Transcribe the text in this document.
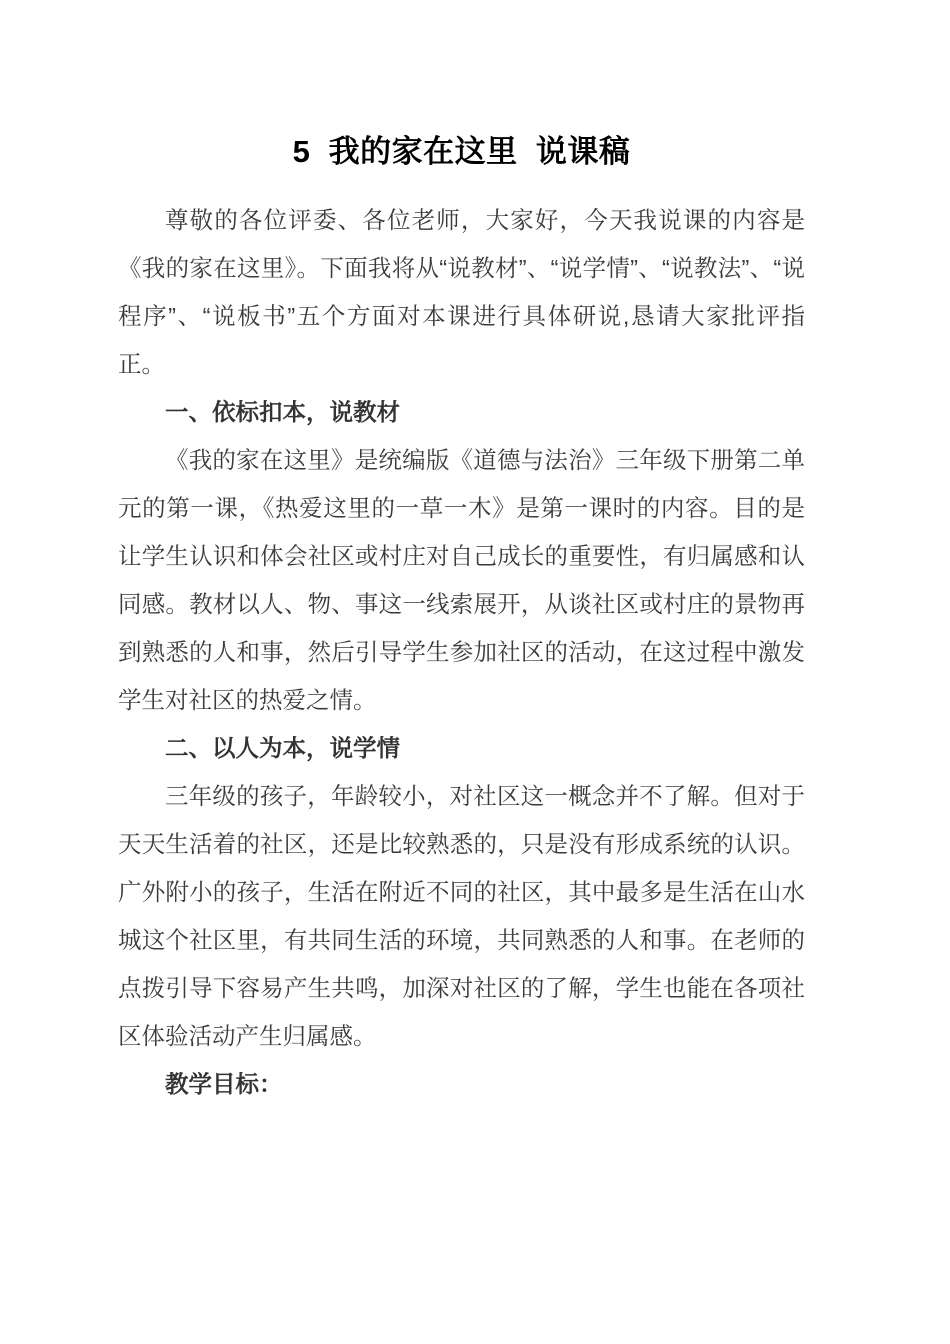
5  我的家在这里  说课稿

尊敬的各位评委、各位老师，大家好，今天我说课的内容是《我的家在这里》。下面我将从“说教材”、“说学情”、“说教法”、“说程序”、“说板书”五个方面对本课进行具体研说,恳请大家批评指正。

一、依标扣本，说教材

《我的家在这里》是统编版《道德与法治》三年级下册第二单元的第一课，《热爱这里的一草一木》是第一课时的内容。目的是让学生认识和体会社区或村庄对自己成长的重要性，有归属感和认同感。教材以人、物、事这一线索展开，从谈社区或村庄的景物再到熟悉的人和事，然后引导学生参加社区的活动，在这过程中激发学生对社区的热爱之情。

二、以人为本，说学情

三年级的孩子，年龄较小，对社区这一概念并不了解。但对于天天生活着的社区，还是比较熟悉的，只是没有形成系统的认识。广外附小的孩子，生活在附近不同的社区，其中最多是生活在山水城这个社区里，有共同生活的环境，共同熟悉的人和事。在老师的点拨引导下容易产生共鸣，加深对社区的了解，学生也能在各项社区体验活动产生归属感。

教学目标：
